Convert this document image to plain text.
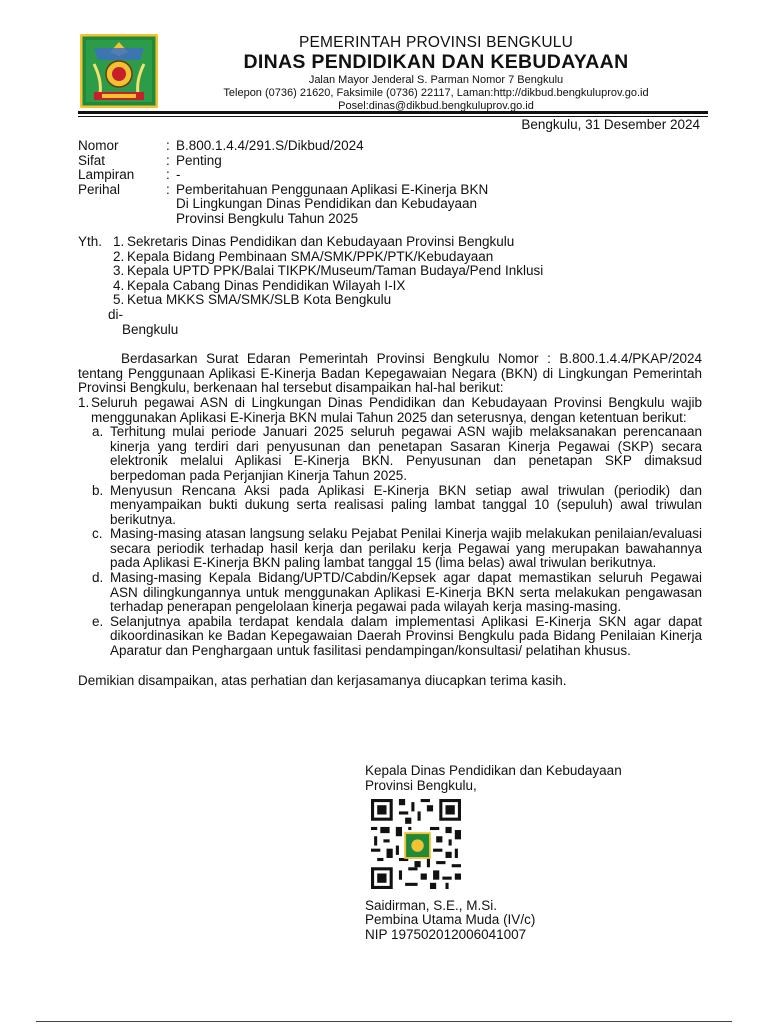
PEMERINTAH PROVINSI BENGKULU
DINAS PENDIDIKAN DAN KEBUDAYAAN
Jalan Mayor Jenderal S. Parman Nomor 7 Bengkulu
Telepon (0736) 21620, Faksimile (0736) 22117, Laman:http://dikbud.bengkuluprov.go.id
Posel:dinas@dikbud.bengkuluprov.go.id
Bengkulu, 31 Desember 2024
Nomor	: B.800.1.4.4/291.S/Dikbud/2024
Sifat	: Penting
Lampiran	: -
Perihal	: Pemberitahuan Penggunaan Aplikasi E-Kinerja BKN
Di Lingkungan Dinas Pendidikan dan Kebudayaan
Provinsi Bengkulu Tahun 2025
Yth. 1. Sekretaris Dinas Pendidikan dan Kebudayaan Provinsi Bengkulu
2. Kepala Bidang Pembinaan SMA/SMK/PPK/PTK/Kebudayaan
3. Kepala UPTD PPK/Balai TIKPK/Museum/Taman Budaya/Pend Inklusi
4. Kepala Cabang Dinas Pendidikan Wilayah I-IX
5. Ketua MKKS SMA/SMK/SLB Kota Bengkulu
di-
Bengkulu
Berdasarkan Surat Edaran Pemerintah Provinsi Bengkulu Nomor : B.800.1.4.4/PKAP/2024 tentang Penggunaan Aplikasi E-Kinerja Badan Kepegawaian Negara (BKN) di Lingkungan Pemerintah Provinsi Bengkulu, berkenaan hal tersebut disampaikan hal-hal berikut:
1. Seluruh pegawai ASN di Lingkungan Dinas Pendidikan dan Kebudayaan Provinsi Bengkulu wajib menggunakan Aplikasi E-Kinerja BKN mulai Tahun 2025 dan seterusnya, dengan ketentuan berikut:
a. Terhitung mulai periode Januari 2025 seluruh pegawai ASN wajib melaksanakan perencanaan kinerja yang terdiri dari penyusunan dan penetapan Sasaran Kinerja Pegawai (SKP) secara elektronik melalui Aplikasi E-Kinerja BKN. Penyusunan dan penetapan SKP dimaksud berpedoman pada Perjanjian Kinerja Tahun 2025.
b. Menyusun Rencana Aksi pada Aplikasi E-Kinerja BKN setiap awal triwulan (periodik) dan menyampaikan bukti dukung serta realisasi paling lambat tanggal 10 (sepuluh) awal triwulan berikutnya.
c. Masing-masing atasan langsung selaku Pejabat Penilai Kinerja wajib melakukan penilaian/evaluasi secara periodik terhadap hasil kerja dan perilaku kerja Pegawai yang merupakan bawahannya pada Aplikasi E-Kinerja BKN paling lambat tanggal 15 (lima belas) awal triwulan berikutnya.
d. Masing-masing Kepala Bidang/UPTD/Cabdin/Kepsek agar dapat memastikan seluruh Pegawai ASN dilingkungannya untuk menggunakan Aplikasi E-Kinerja BKN serta melakukan pengawasan terhadap penerapan pengelolaan kinerja pegawai pada wilayah kerja masing-masing.
e. Selanjutnya apabila terdapat kendala dalam implementasi Aplikasi E-Kinerja SKN agar dapat dikoordinasikan ke Badan Kepegawaian Daerah Provinsi Bengkulu pada Bidang Penilaian Kinerja Aparatur dan Penghargaan untuk fasilitasi pendampingan/konsultasi/ pelatihan khusus.
Demikian disampaikan, atas perhatian dan kerjasamanya diucapkan terima kasih.
Kepala Dinas Pendidikan dan Kebudayaan
Provinsi Bengkulu,
Saidirman, S.E., M.Si.
Pembina Utama Muda (IV/c)
NIP 197502012006041007
